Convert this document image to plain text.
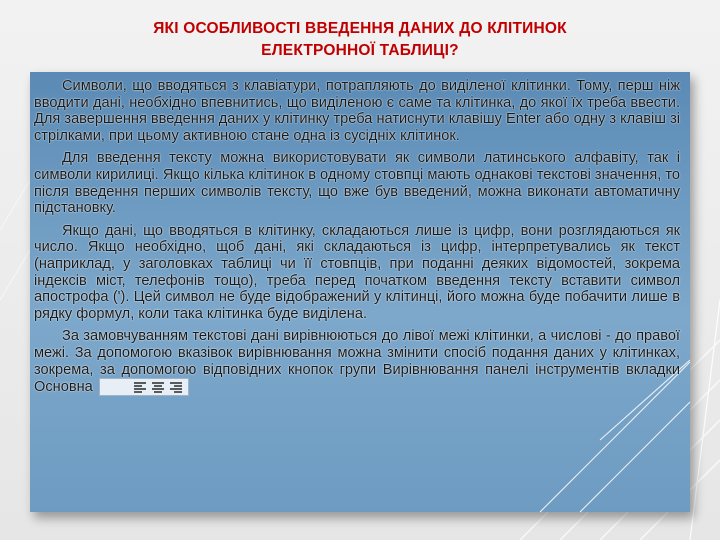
ЯКІ ОСОБЛИВОСТІ ВВЕДЕННЯ ДАНИХ ДО КЛІТИНОК
ЕЛЕКТРОННОЇ ТАБЛИЦІ?

Символи, що вводяться з клавіатури, потрапляють до виділеної клітинки. Тому, перш ніж вводити дані, необхідно впевнитись, що виділеною є саме та клітинка, до якої їх треба ввести. Для завершення введення даних у клітинку треба натиснути клавішу Enter або одну з клавіш зі стрілками, при цьому активною стане одна із сусідніх клітинок.

Для введення тексту можна використовувати як символи латинського алфавіту, так і символи кирилиці. Якщо кілька клітинок в одному стовпці мають однакові текстові значення, то після введення перших символів тексту, що вже був введений, можна виконати автоматичну підстановку.

Якщо дані, що вводяться в клітинку, складаються лише із цифр, вони розглядаються як число. Якщо необхідно, щоб дані, які складаються із цифр, інтерпретувались як текст (наприклад, у заголовках таблиці чи її стовпців, при поданні деяких відомостей, зокрема індексів міст, телефонів тощо), треба перед початком введення тексту вставити символ апострофа ('). Цей символ не буде відображений у клітинці, його можна буде побачити лише в рядку формул, коли така клітинка буде виділена.

За замовчуванням текстові дані вирівнюються до лівої межі клітинки, а числові - до правої межі. За допомогою вказівок вирівнювання можна змінити спосіб подання даних у клітинках, зокрема, за допомогою відповідних кнопок групи Вирівнювання панелі інструментів вкладки Основна
